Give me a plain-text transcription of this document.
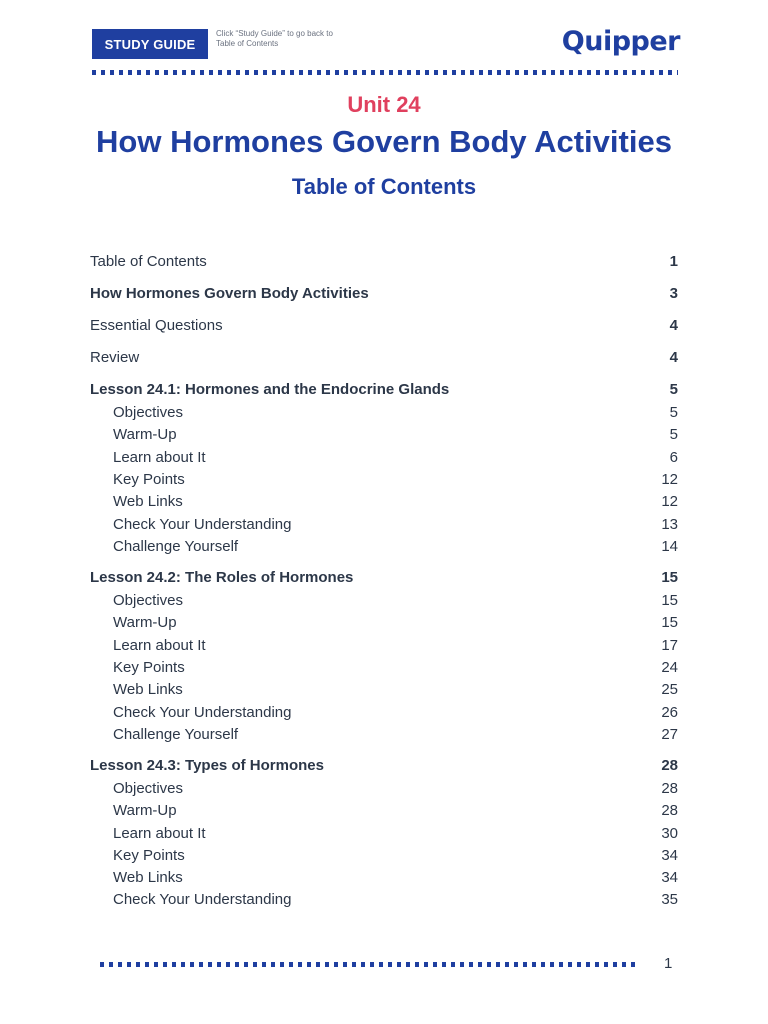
STUDY GUIDE
Click “Study Guide” to go back to Table of Contents	Quipper
Unit 24
How Hormones Govern Body Activities
Table of Contents
Table of Contents	1
How Hormones Govern Body Activities	3
Essential Questions	4
Review	4
Lesson 24.1: Hormones and the Endocrine Glands	5
Objectives	5
Warm-Up	5
Learn about It	6
Key Points	12
Web Links	12
Check Your Understanding	13
Challenge Yourself	14
Lesson 24.2: The Roles of Hormones	15
Objectives	15
Warm-Up	15
Learn about It	17
Key Points	24
Web Links	25
Check Your Understanding	26
Challenge Yourself	27
Lesson 24.3: Types of Hormones	28
Objectives	28
Warm-Up	28
Learn about It	30
Key Points	34
Web Links	34
Check Your Understanding	35
1
